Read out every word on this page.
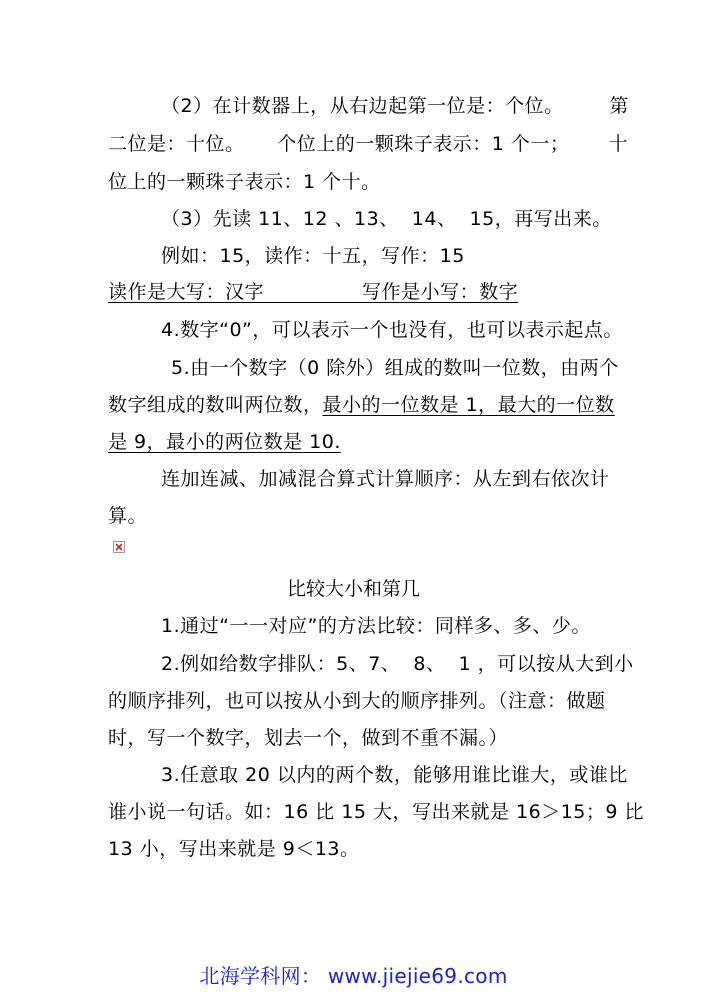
（2）在计数器上，从右边起第一位是：个位。       第
二位是：十位。     个位上的一颗珠子表示：1 个一；      十
位上的一颗珠子表示：1 个十。
（3）先读 11、12 、13、  14、  15，再写出来。
例如：15，读作：十五，写作：15
读作是大写：汉字               写作是小写：数字
4.数字“0”，可以表示一个也没有，也可以表示起点。
5.由一个数字（0 除外）组成的数叫一位数，由两个
数字组成的数叫两位数，最小的一位数是 1，最大的一位数
是 9，最小的两位数是 10.
连加连减、加减混合算式计算顺序：从左到右依次计
算。
比较大小和第几
1.通过“一一对应”的方法比较：同样多、多、少。
2.例如给数字排队：5、7、  8、  1 ，可以按从大到小
的顺序排列，也可以按从小到大的顺序排列。（注意：做题
时，写一个数字，划去一个，做到不重不漏。）
3.任意取 20 以内的两个数，能够用谁比谁大，或谁比
谁小说一句话。如：16 比 15 大，写出来就是 16＞15；9 比
13 小，写出来就是 9＜13。
北海学科网： www.jiejie69.com
